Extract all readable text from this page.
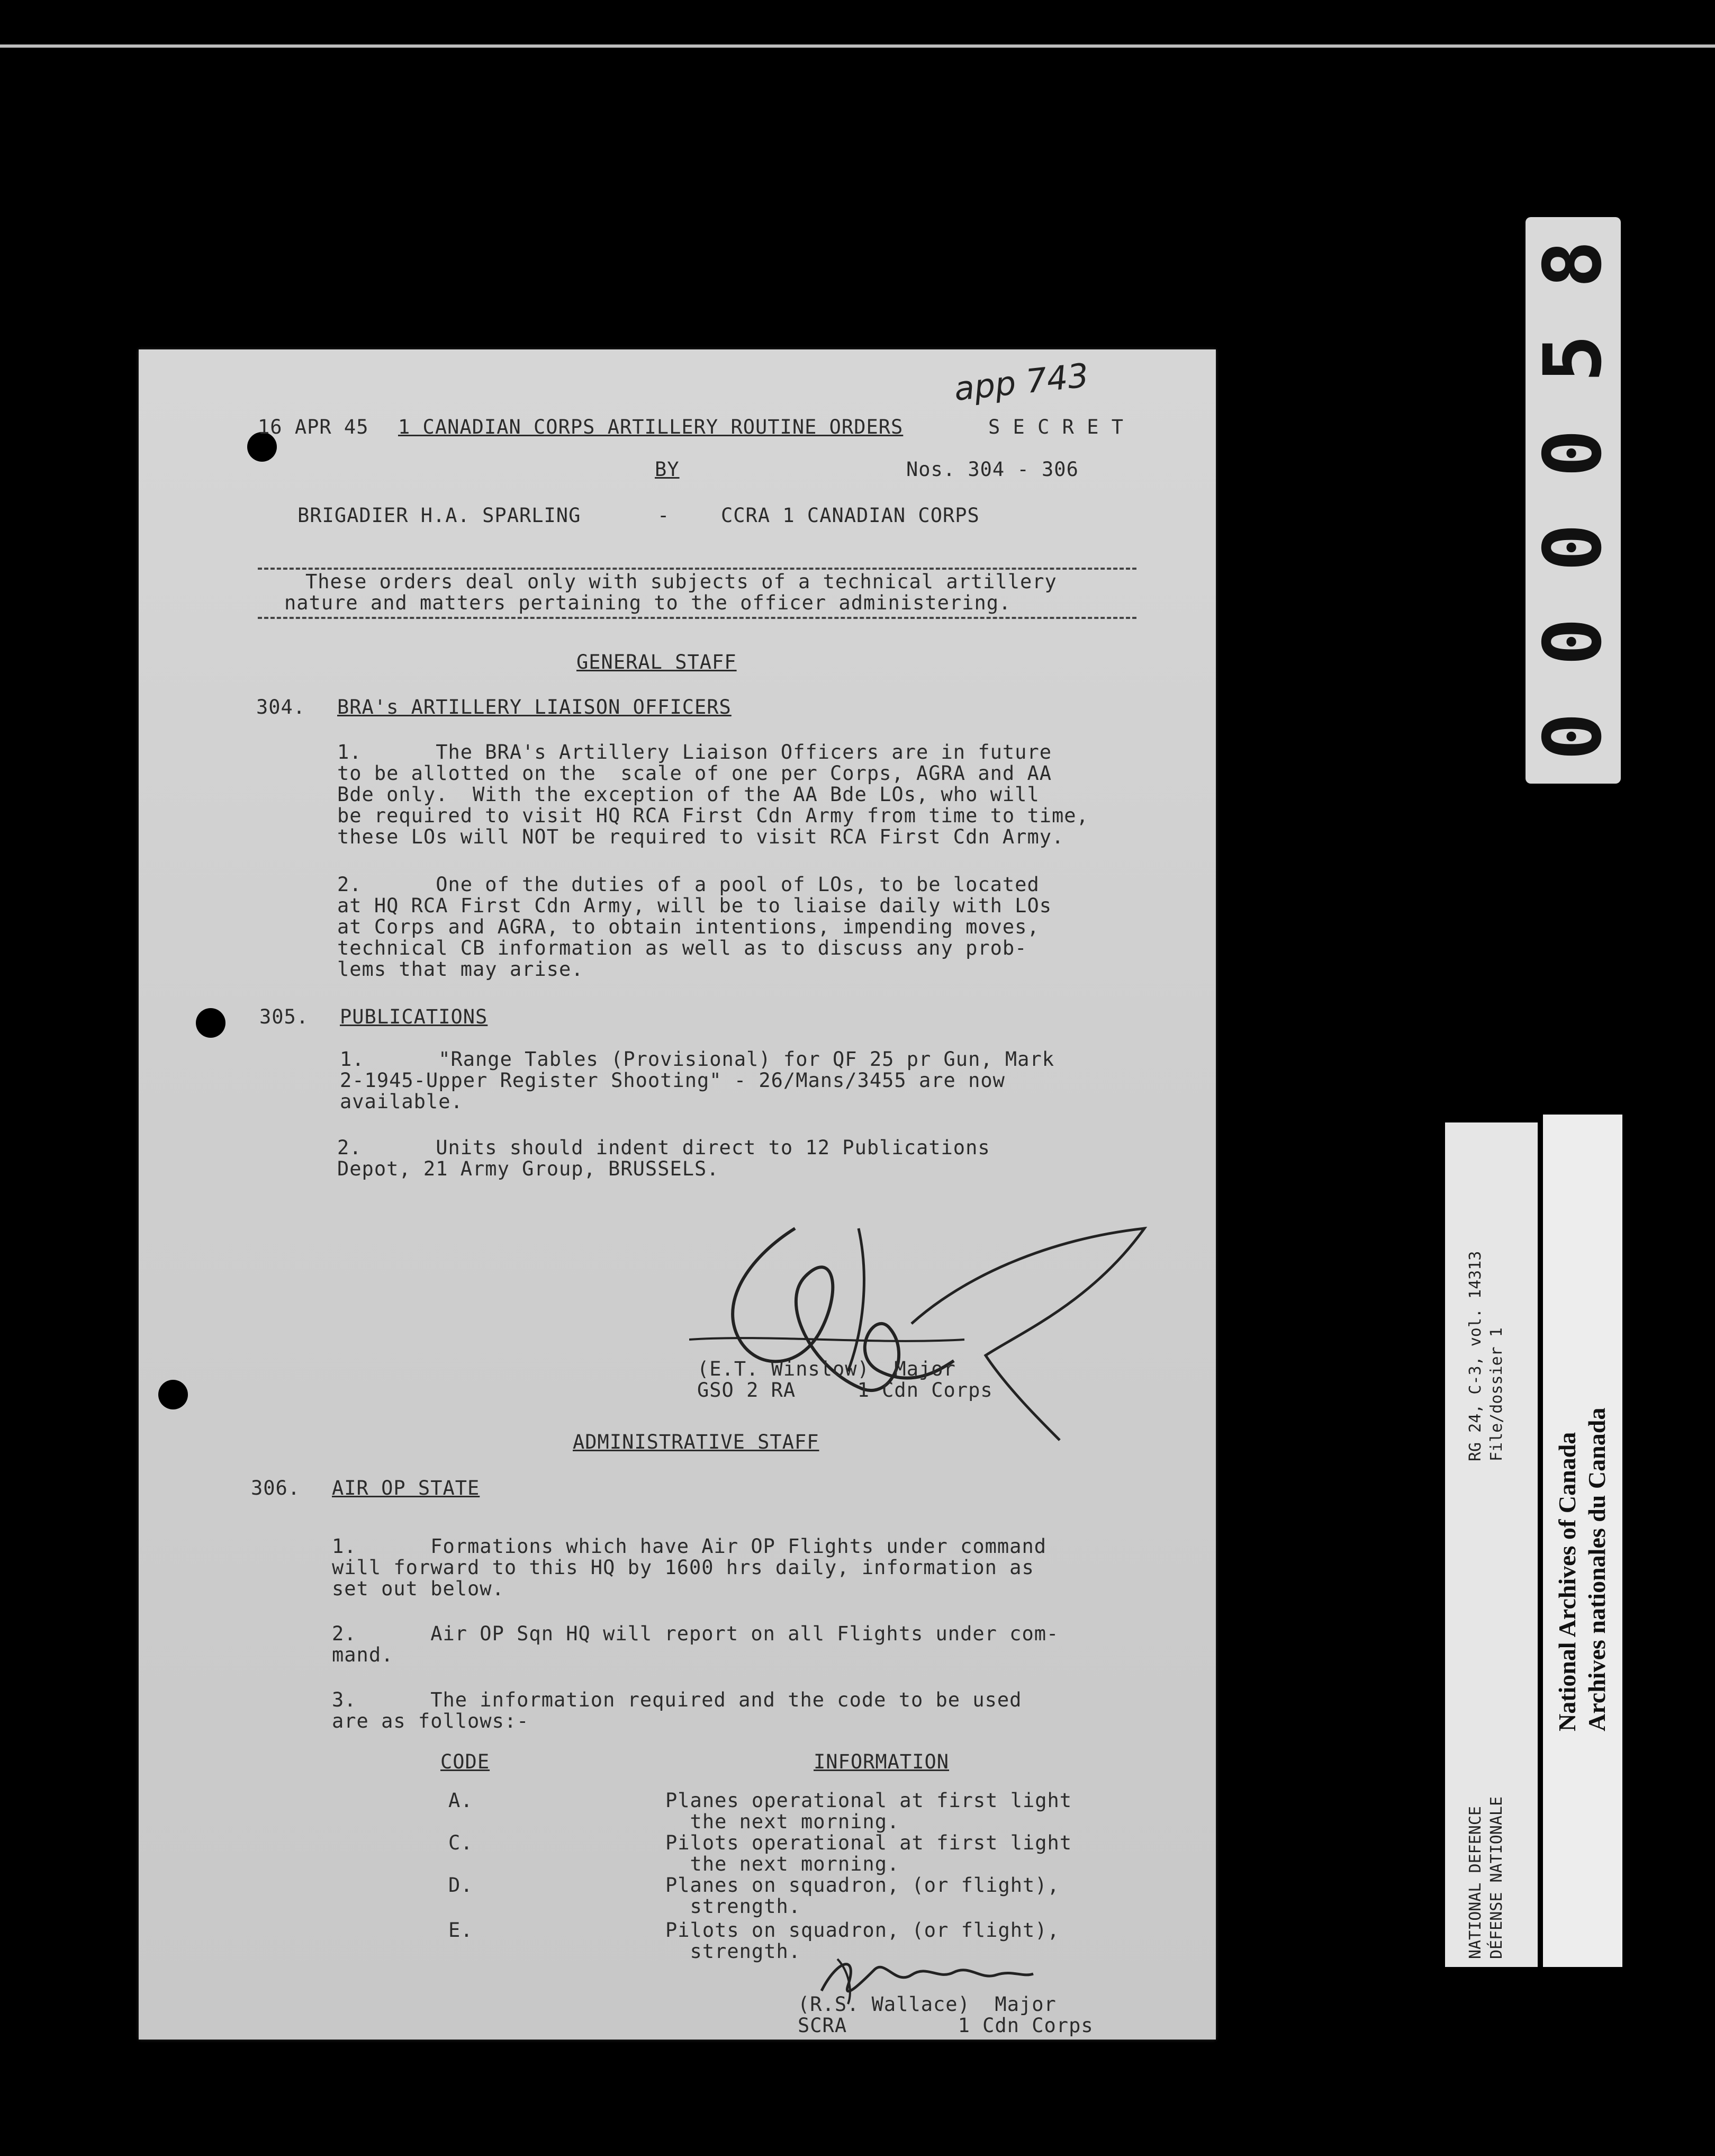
app 743
16 APR 45 1 CANADIAN CORPS ARTILLERY ROUTINE ORDERS	S E C R E T
BY	Nos. 304 - 306
BRIGADIER H.A. SPARLING	-	CCRA 1 CANADIAN CORPS
These orders deal only with subjects of a technical artillery
nature and matters pertaining to the officer administering.
GENERAL STAFF
304. BRA's ARTILLERY LIAISON OFFICERS
1.      The BRA's Artillery Liaison Officers are in future
to be allotted on the  scale of one per Corps, AGRA and AA
Bde only.  With the exception of the AA Bde LOs, who will
be required to visit HQ RCA First Cdn Army from time to time,
these LOs will NOT be required to visit RCA First Cdn Army.
2.      One of the duties of a pool of LOs, to be located
at HQ RCA First Cdn Army, will be to liaise daily with LOs
at Corps and AGRA, to obtain intentions, impending moves,
technical CB information as well as to discuss any prob-
lems that may arise.
305. PUBLICATIONS
1.      "Range Tables (Provisional) for QF 25 pr Gun, Mark
2-1945-Upper Register Shooting" - 26/Mans/3455 are now
available.
2.      Units should indent direct to 12 Publications
Depot, 21 Army Group, BRUSSELS.
(E.T. Winslow)  Major
GSO 2 RA     1 Cdn Corps
ADMINISTRATIVE STAFF
306. AIR OP STATE
1.      Formations which have Air OP Flights under command
will forward to this HQ by 1600 hrs daily, information as
set out below.
2.      Air OP Sqn HQ will report on all Flights under com-
mand.
3.      The information required and the code to be used
are as follows:-
CODE	INFORMATION
A.	Planes operational at first light
the next morning.
C.	Pilots operational at first light
the next morning.
D.	Planes on squadron, (or flight),
strength.
E.	Pilots on squadron, (or flight),
strength.
(R.S. Wallace)  Major
SCRA         1 Cdn Corps
8
5
0
0
0
0
RG 24, C-3, vol. 14313 File/dossier 1
NATIONAL DEFENCE DÉFENSE NATIONALE
National Archives of Canada Archives nationales du Canada
